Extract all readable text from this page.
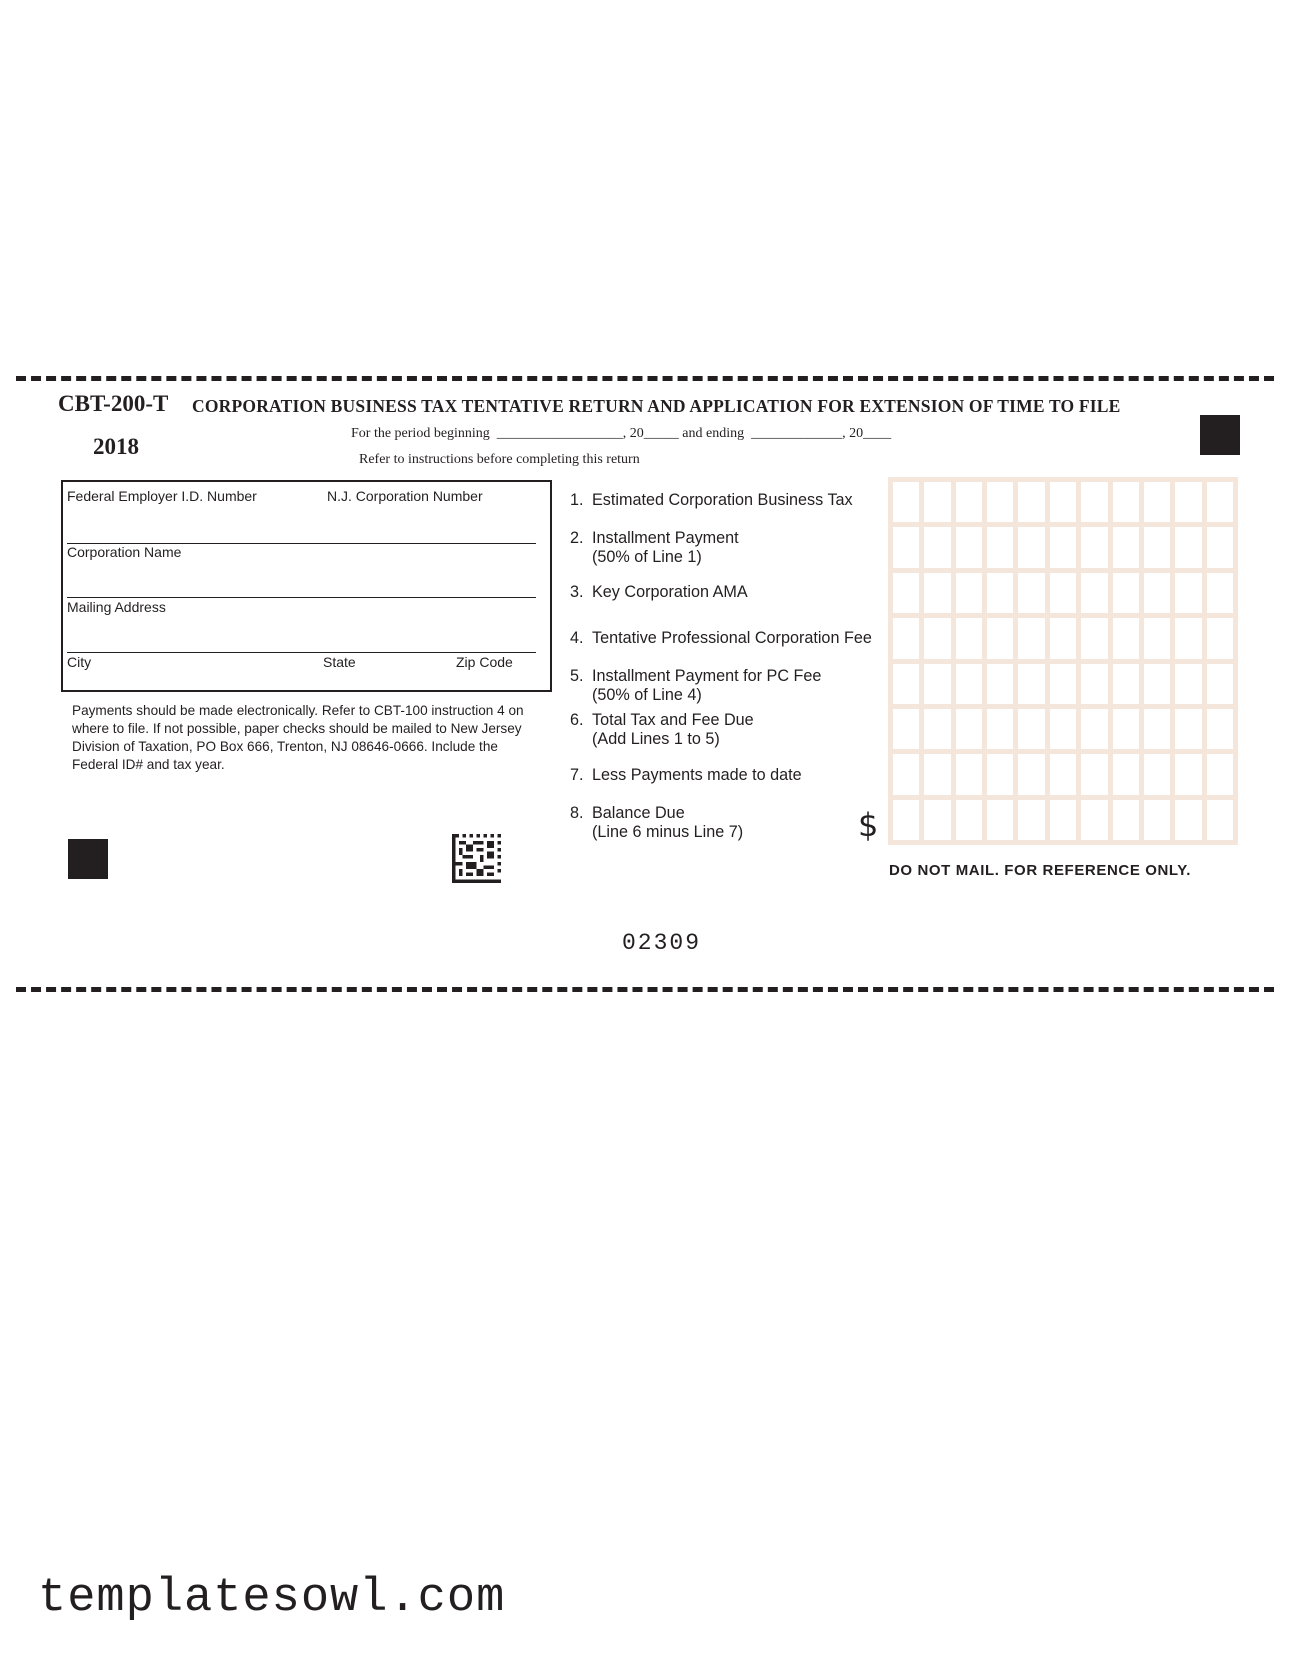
CBT-200-T CORPORATION BUSINESS TAX TENTATIVE RETURN AND APPLICATION FOR EXTENSION OF TIME TO FILE
2018
For the period beginning  __________________, 20_____ and ending  _____________, 20____
Refer to instructions before completing this return
Federal Employer I.D. Number	N.J. Corporation Number
Corporation Name
Mailing Address
City	State	Zip Code
Payments should be made electronically. Refer to CBT-100 instruction 4 on where to file. If not possible, paper checks should be mailed to New Jersey Division of Taxation, PO Box 666, Trenton, NJ 08646-0666. Include the Federal ID# and tax year.
1. Estimated Corporation Business Tax
2. Installment Payment
(50% of Line 1)
3. Key Corporation AMA
4. Tentative Professional Corporation Fee
5. Installment Payment for PC Fee
(50% of Line 4)
6. Total Tax and Fee Due
(Add Lines 1 to 5)
7. Less Payments made to date
8. Balance Due
(Line 6 minus Line 7)	$
DO NOT MAIL. FOR REFERENCE ONLY.
02309
templatesowl.com
